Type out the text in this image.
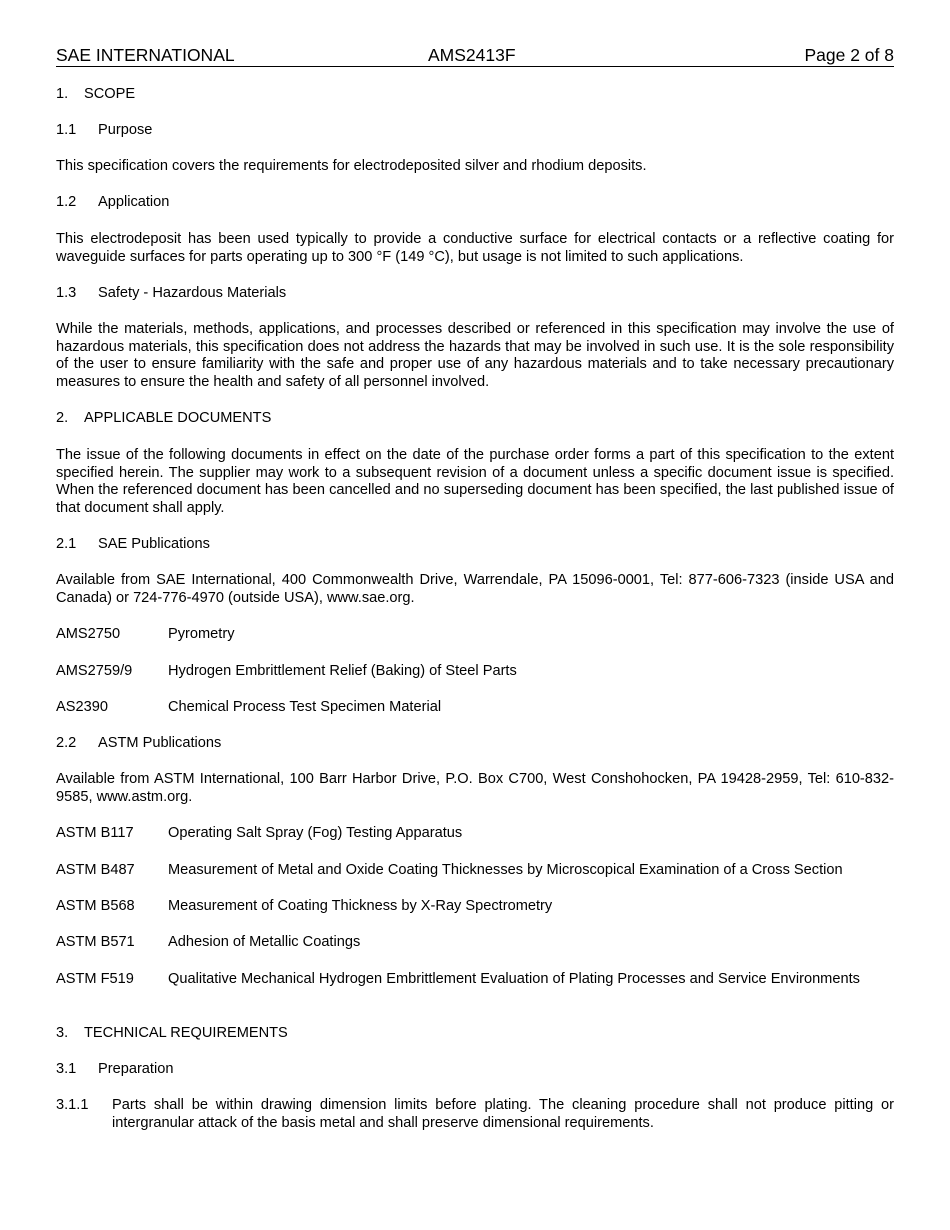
SAE INTERNATIONAL	AMS2413F	Page 2 of 8
1. SCOPE
1.1 Purpose
This specification covers the requirements for electrodeposited silver and rhodium deposits.
1.2 Application
This electrodeposit has been used typically to provide a conductive surface for electrical contacts or a reflective coating for waveguide surfaces for parts operating up to 300 °F (149 °C), but usage is not limited to such applications.
1.3 Safety - Hazardous Materials
While the materials, methods, applications, and processes described or referenced in this specification may involve the use of hazardous materials, this specification does not address the hazards that may be involved in such use. It is the sole responsibility of the user to ensure familiarity with the safe and proper use of any hazardous materials and to take necessary precautionary measures to ensure the health and safety of all personnel involved.
2. APPLICABLE DOCUMENTS
The issue of the following documents in effect on the date of the purchase order forms a part of this specification to the extent specified herein. The supplier may work to a subsequent revision of a document unless a specific document issue is specified. When the referenced document has been cancelled and no superseding document has been specified, the last published issue of that document shall apply.
2.1 SAE Publications
Available from SAE International, 400 Commonwealth Drive, Warrendale, PA 15096-0001, Tel: 877-606-7323 (inside USA and Canada) or 724-776-4970 (outside USA), www.sae.org.
AMS2750	Pyrometry
AMS2759/9 Hydrogen Embrittlement Relief (Baking) of Steel Parts
AS2390	Chemical Process Test Specimen Material
2.2 ASTM Publications
Available from ASTM International, 100 Barr Harbor Drive, P.O. Box C700, West Conshohocken, PA 19428-2959, Tel: 610-832-9585, www.astm.org.
ASTM B117 Operating Salt Spray (Fog) Testing Apparatus
ASTM B487 Measurement of Metal and Oxide Coating Thicknesses by Microscopical Examination of a Cross Section
ASTM B568 Measurement of Coating Thickness by X-Ray Spectrometry
ASTM B571 Adhesion of Metallic Coatings
ASTM F519 Qualitative Mechanical Hydrogen Embrittlement Evaluation of Plating Processes and Service Environments
3. TECHNICAL REQUIREMENTS
3.1 Preparation
3.1.1 Parts shall be within drawing dimension limits before plating. The cleaning procedure shall not produce pitting or intergranular attack of the basis metal and shall preserve dimensional requirements.
